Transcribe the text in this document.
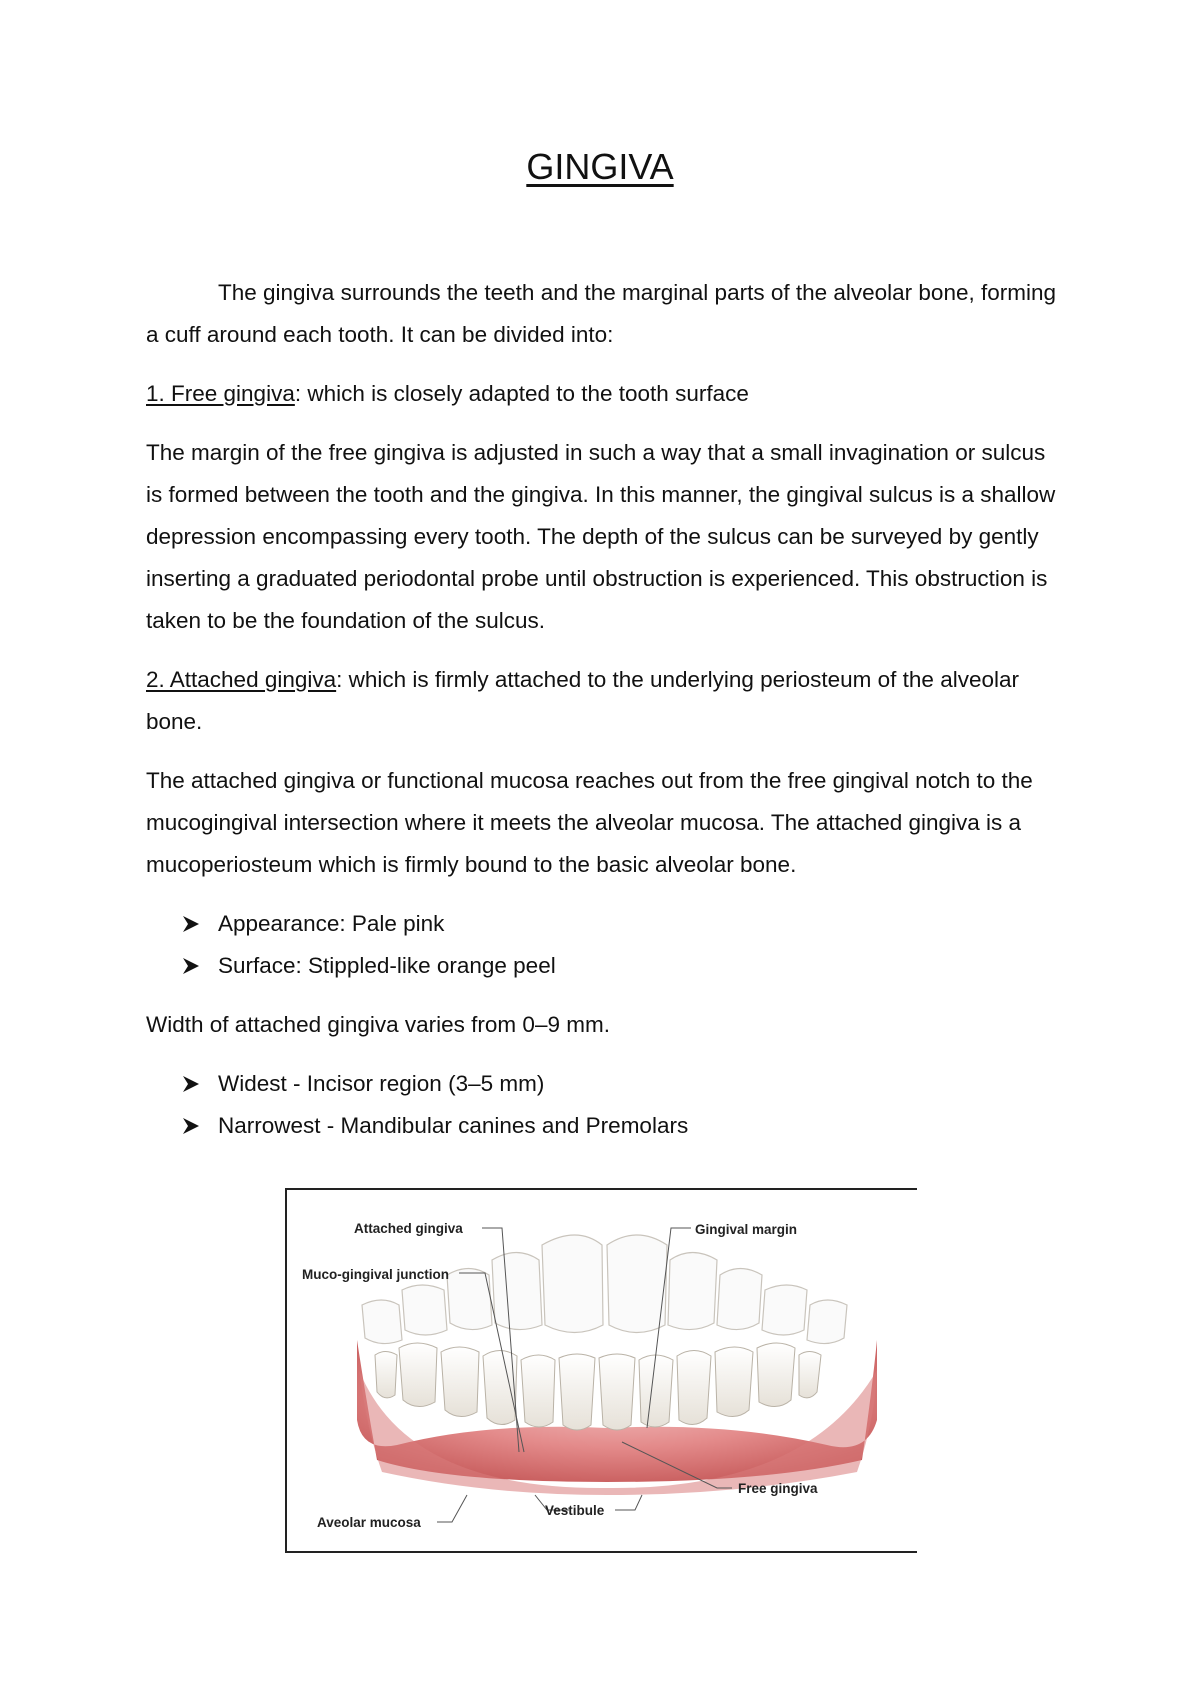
GINGIVA

The gingiva surrounds the teeth and the marginal parts of the alveolar bone, forming a cuff around each tooth. It can be divided into:

1. Free gingiva: which is closely adapted to the tooth surface

The margin of the free gingiva is adjusted in such a way that a small invagination or sulcus is formed between the tooth and the gingiva. In this manner, the gingival sulcus is a shallow depression encompassing every tooth. The depth of the sulcus can be surveyed by gently inserting a graduated periodontal probe until obstruction is experienced. This obstruction is taken to be the foundation of the sulcus.

2. Attached gingiva: which is firmly attached to the underlying periosteum of the alveolar bone.

The attached gingiva or functional mucosa reaches out from the free gingival notch to the mucogingival intersection where it meets the alveolar mucosa. The attached gingiva is a mucoperiosteum which is firmly bound to the basic alveolar bone.

Appearance: Pale pink
Surface: Stippled-like orange peel

Width of attached gingiva varies from 0–9 mm.

Widest - Incisor region (3–5 mm)
Narrowest - Mandibular canines and Premolars
Attached gingiva
Muco-gingival junction
Gingival margin
Aveolar mucosa
Vestibule
Free gingiva
